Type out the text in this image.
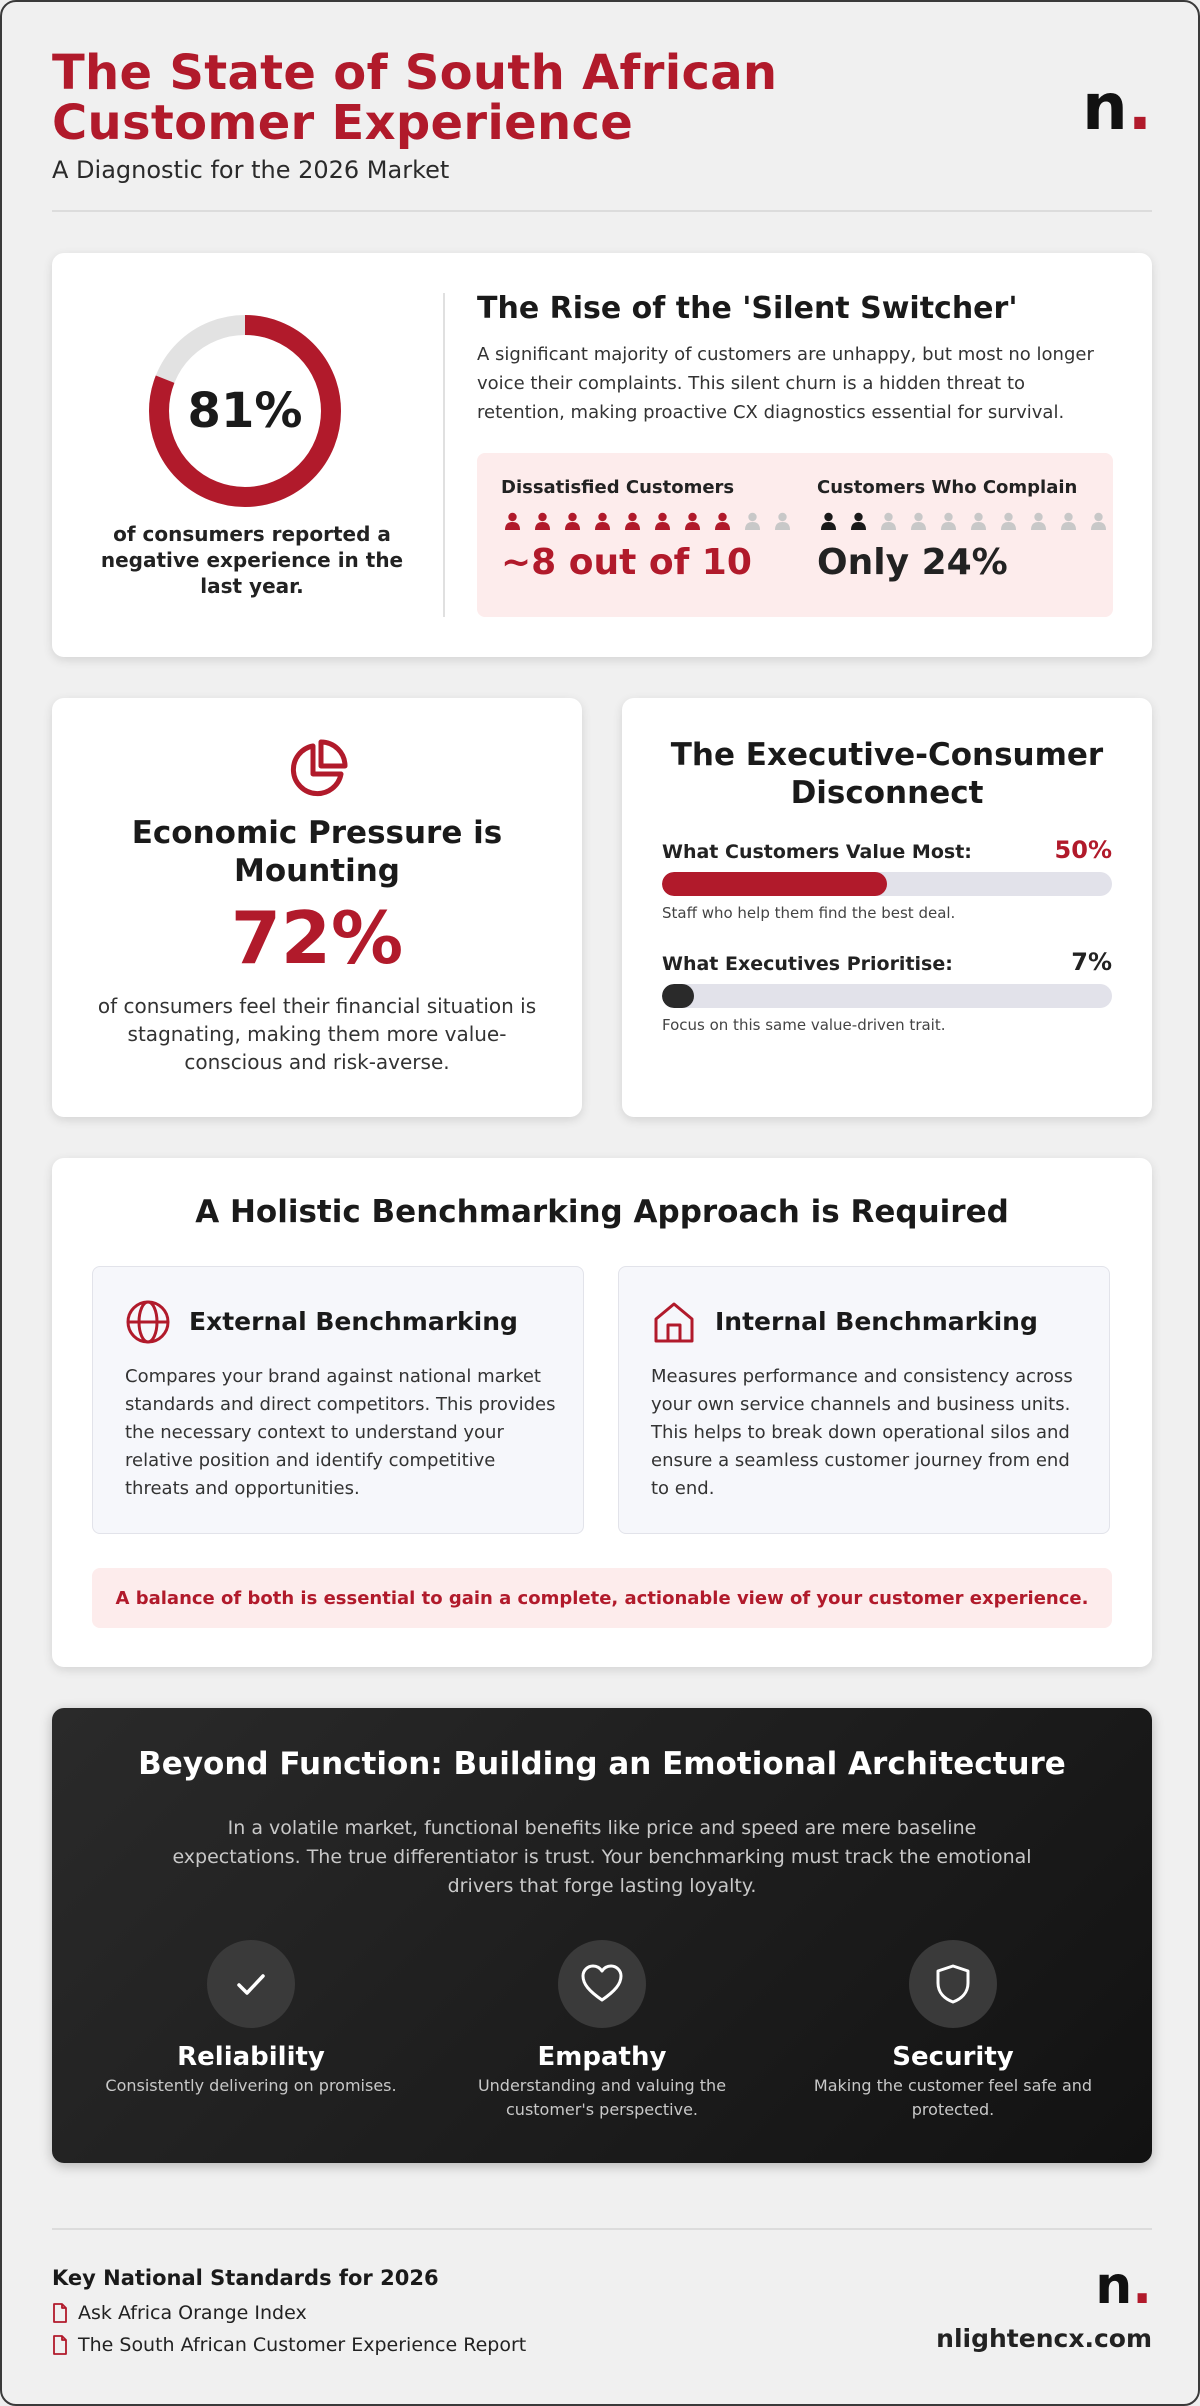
The State of South African Customer Experience
A Diagnostic for the 2026 Market
n.
81%
of consumers reported a negative experience in the last year.
The Rise of the 'Silent Switcher'
A significant majority of customers are unhappy, but most no longer voice their complaints. This silent churn is a hidden threat to retention, making proactive CX diagnostics essential for survival.
Dissatisfied Customers
~8 out of 10
Customers Who Complain
Only 24%
Economic Pressure is Mounting
72%
of consumers feel their financial situation is stagnating, making them more value-conscious and risk-averse.
The Executive-Consumer Disconnect
What Customers Value Most:	50%
Staff who help them find the best deal.
What Executives Prioritise:	7%
Focus on this same value-driven trait.
A Holistic Benchmarking Approach is Required
External Benchmarking
Compares your brand against national market standards and direct competitors. This provides the necessary context to understand your relative position and identify competitive threats and opportunities.
Internal Benchmarking
Measures performance and consistency across your own service channels and business units. This helps to break down operational silos and ensure a seamless customer journey from end to end.
A balance of both is essential to gain a complete, actionable view of your customer experience.
Beyond Function: Building an Emotional Architecture
In a volatile market, functional benefits like price and speed are mere baseline expectations. The true differentiator is trust. Your benchmarking must track the emotional drivers that forge lasting loyalty.
Reliability
Consistently delivering on promises.
Empathy
Understanding and valuing the customer's perspective.
Security
Making the customer feel safe and protected.
Key National Standards for 2026
Ask Africa Orange Index
The South African Customer Experience Report
n.
nlightencx.com
